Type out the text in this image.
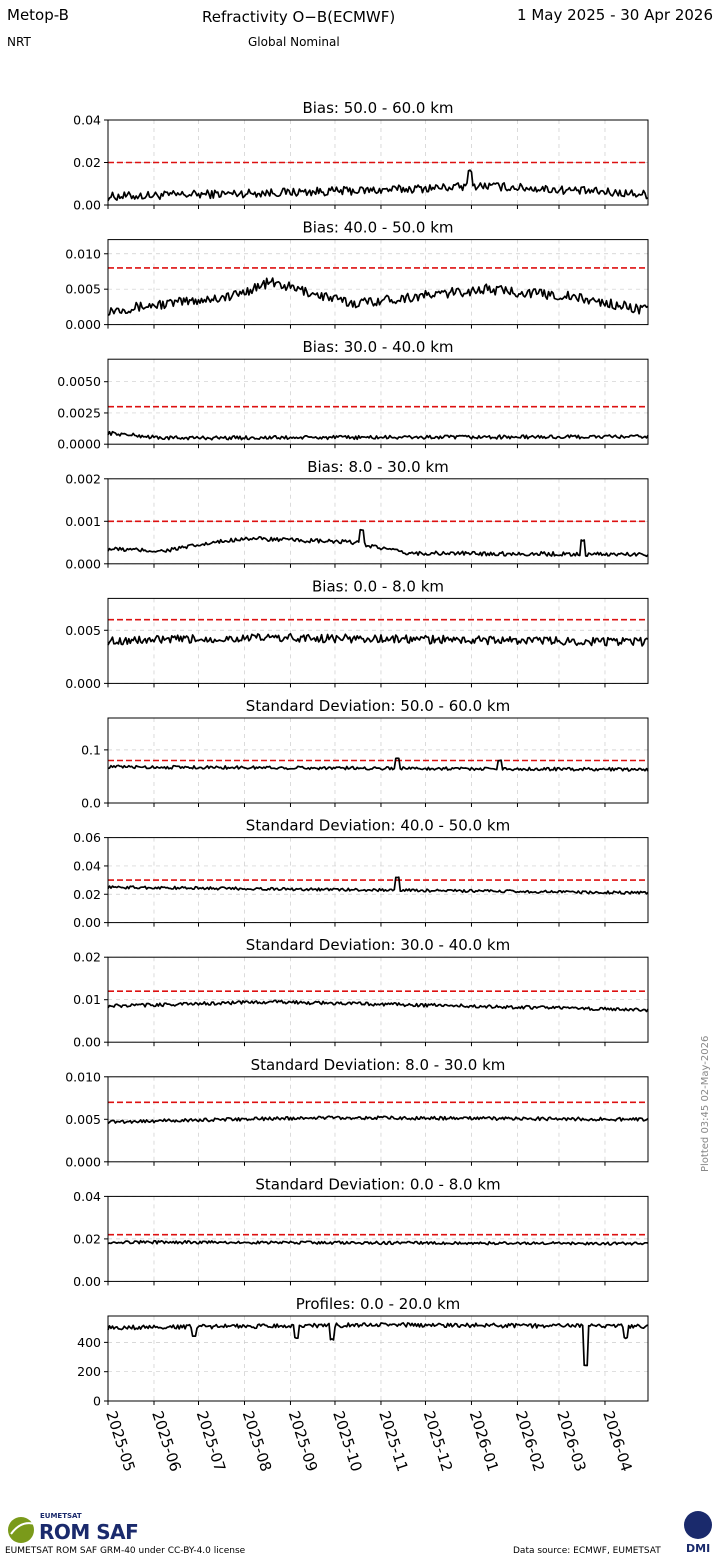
Metop-B
NRT
Refractivity O−B(ECMWF)
Global Nominal
1 May 2025 - 30 Apr 2026
Bias: 50.0 - 60.0 km
0.00
0.02
0.04
Bias: 40.0 - 50.0 km
0.000
0.005
0.010
Bias: 30.0 - 40.0 km
0.0000
0.0025
0.0050
Bias: 8.0 - 30.0 km
0.000
0.001
0.002
Bias: 0.0 - 8.0 km
0.000
0.005
Standard Deviation: 50.0 - 60.0 km
0.0
0.1
Standard Deviation: 40.0 - 50.0 km
0.00
0.02
0.04
0.06
Standard Deviation: 30.0 - 40.0 km
0.00
0.01
0.02
Standard Deviation: 8.0 - 30.0 km
0.000
0.005
0.010
Standard Deviation: 0.0 - 8.0 km
0.00
0.02
0.04
Profiles: 0.0 - 20.0 km
0
200
400
2025-05 2025-06 2025-07 2025-08 2025-09 2025-10 2025-11 2025-12 2026-01 2026-02 2026-03 2026-04
Plotted 03:45 02-May-2026
EUMETSAT
ROM SAF
EUMETSAT ROM SAF GRM-40 under CC-BY-4.0 license	Data source: ECMWF, EUMETSAT DMI
